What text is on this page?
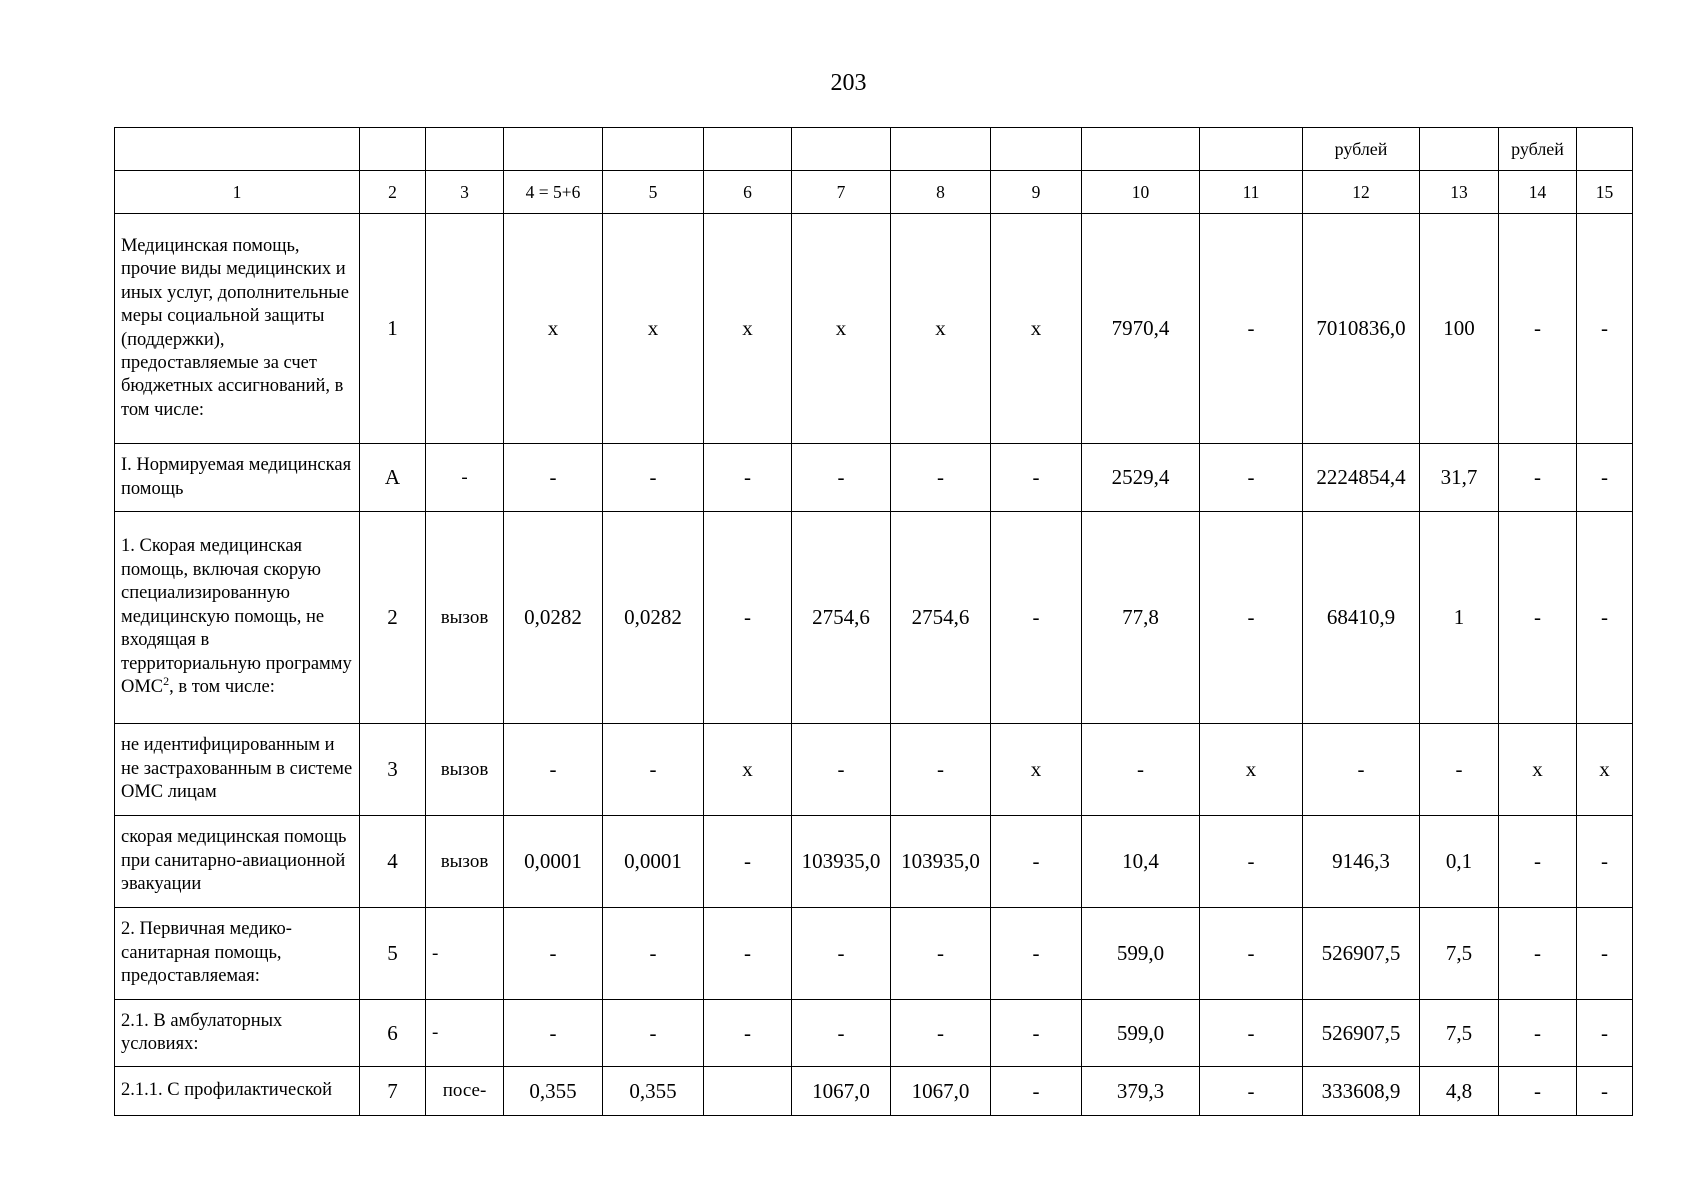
203
											рублей		рублей	
1	2	3	4 = 5+6	5	6	7	8	9	10	11	12	13	14	15
Медицинская помощь, прочие виды медицинских и иных услуг, дополнительные меры социальной защиты (поддержки), предоставляемые за счет бюджетных ассигнований, в том числе:	1		х	х	х	х	х	х	7970,4	-	7010836,0	100	-	-
I. Нормируемая медицинская помощь	А	-	-	-	-	-	-	-	2529,4	-	2224854,4	31,7	-	-
1. Скорая медицинская помощь, включая скорую специализированную медицинскую помощь, не входящая в территориальную программу ОМС$^2$, в том числе:	2	вызов	0,0282	0,0282	-	2754,6	2754,6	-	77,8	-	68410,9	1	-	-
не идентифицированным и не застрахованным в системе ОМС лицам	3	вызов	-	-	х	-	-	х	-	х	-	-	х	х
скорая медицинская помощь при санитарно-авиационной эвакуации	4	вызов	0,0001	0,0001	-	103935,0	103935,0	-	10,4	-	9146,3	0,1	-	-
2. Первичная медико-санитарная помощь, предоставляемая:	5	-	-	-	-	-	-	-	599,0	-	526907,5	7,5	-	-
2.1. В амбулаторных условиях:	6	-	-	-	-	-	-	-	599,0	-	526907,5	7,5	-	-
2.1.1. С профилактической	7	посе-	0,355	0,355		1067,0	1067,0	-	379,3	-	333608,9	4,8	-	-
